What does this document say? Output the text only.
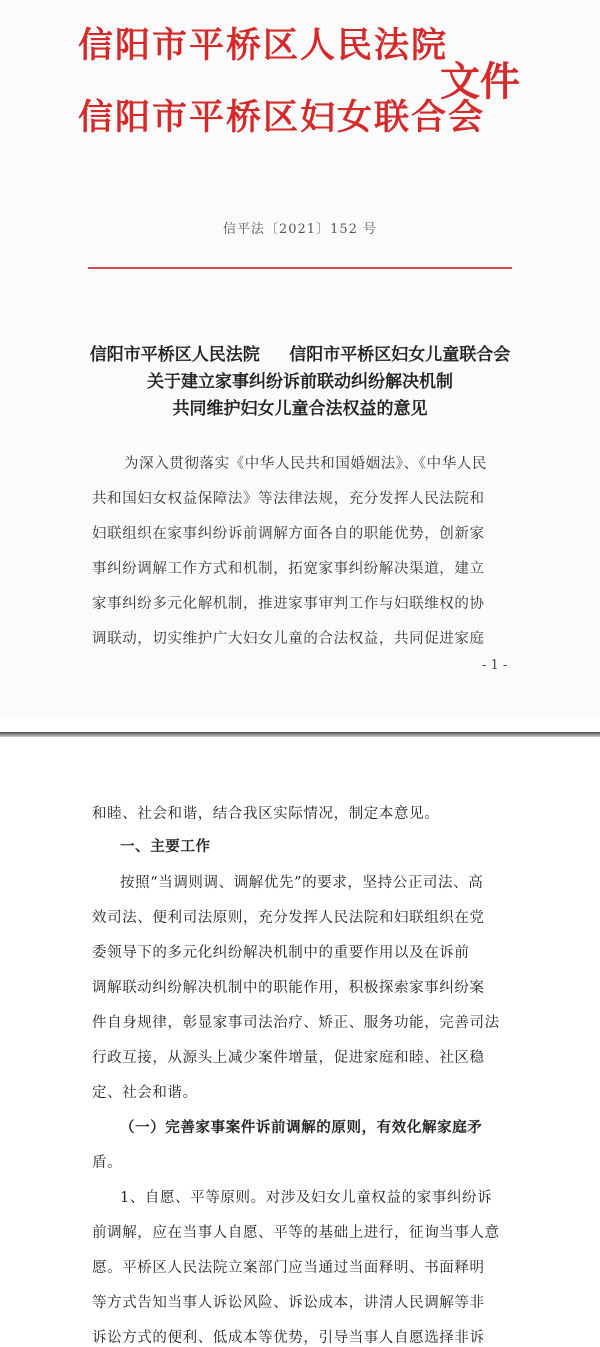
信阳市平桥区人民法院
信阳市平桥区妇女联合会
文件
信平法〔2021〕152 号
信阳市平桥区人民法院     信阳市平桥区妇女儿童联合会
关于建立家事纠纷诉前联动纠纷解决机制
共同维护妇女儿童合法权益的意见
为深入贯彻落实《中华人民共和国婚姻法》、《中华人民
共和国妇女权益保障法》等法律法规，充分发挥人民法院和
妇联组织在家事纠纷诉前调解方面各自的职能优势，创新家
事纠纷调解工作方式和机制，拓宽家事纠纷解决渠道，建立
家事纠纷多元化解机制，推进家事审判工作与妇联维权的协
调联动，切实维护广大妇女儿童的合法权益，共同促进家庭
- 1 -
和睦、社会和谐，结合我区实际情况，制定本意见。
一、主要工作
按照“当调则调、调解优先”的要求，坚持公正司法、高
效司法、便利司法原则，充分发挥人民法院和妇联组织在党
委领导下的多元化纠纷解决机制中的重要作用以及在诉前
调解联动纠纷解决机制中的职能作用，积极探索家事纠纷案
件自身规律，彰显家事司法治疗、矫正、服务功能，完善司法
行政互接，从源头上减少案件增量，促进家庭和睦、社区稳
定、社会和谐。
（一）完善家事案件诉前调解的原则，有效化解家庭矛
盾。
1、自愿、平等原则。对涉及妇女儿童权益的家事纠纷诉
前调解，应在当事人自愿、平等的基础上进行，征询当事人意
愿。平桥区人民法院立案部门应当通过当面释明、书面释明
等方式告知当事人诉讼风险、诉讼成本，讲清人民调解等非
诉讼方式的便利、低成本等优势，引导当事人自愿选择非诉
